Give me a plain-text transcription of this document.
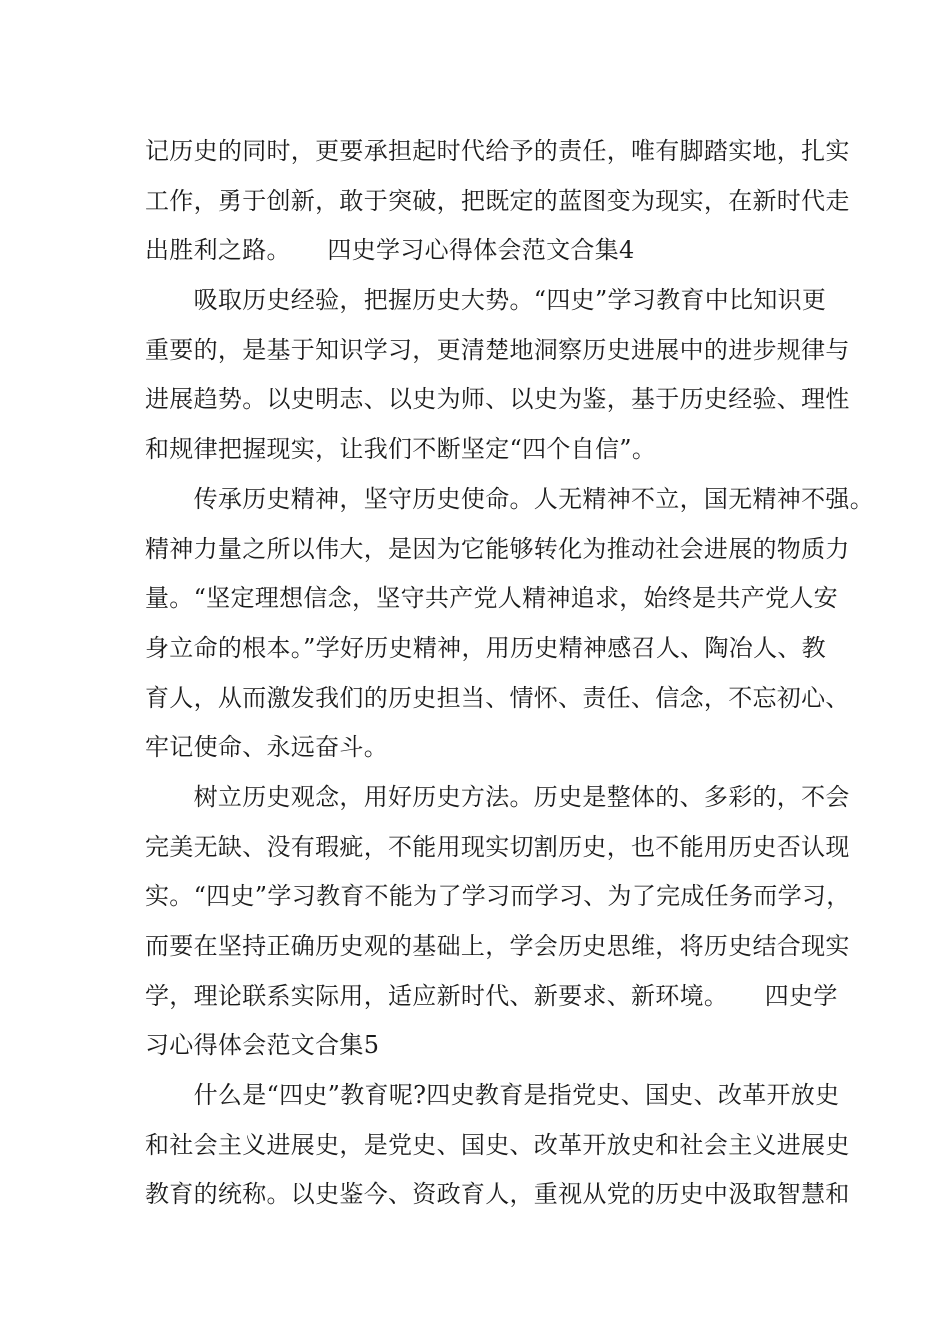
记历史的同时，更要承担起时代给予的责任，唯有脚踏实地，扎实
工作，勇于创新，敢于突破，把既定的蓝图变为现实，在新时代走
出胜利之路。　　四史学习心得体会范文合集4
　　吸取历史经验，把握历史大势。“四史”学习教育中比知识更
重要的，是基于知识学习，更清楚地洞察历史进展中的进步规律与
进展趋势。以史明志、以史为师、以史为鉴，基于历史经验、理性
和规律把握现实，让我们不断坚定“四个自信”。
　　传承历史精神，坚守历史使命。人无精神不立，国无精神不强。
精神力量之所以伟大，是因为它能够转化为推动社会进展的物质力
量。“坚定理想信念，坚守共产党人精神追求，始终是共产党人安
身立命的根本。”学好历史精神，用历史精神感召人、陶冶人、教
育人，从而激发我们的历史担当、情怀、责任、信念，不忘初心、
牢记使命、永远奋斗。
　　树立历史观念，用好历史方法。历史是整体的、多彩的，不会
完美无缺、没有瑕疵，不能用现实切割历史，也不能用历史否认现
实。“四史”学习教育不能为了学习而学习、为了完成任务而学习，
而要在坚持正确历史观的基础上，学会历史思维，将历史结合现实
学，理论联系实际用，适应新时代、新要求、新环境。　　四史学
习心得体会范文合集5
　　什么是“四史”教育呢?四史教育是指党史、国史、改革开放史
和社会主义进展史，是党史、国史、改革开放史和社会主义进展史
教育的统称。以史鉴今、资政育人，重视从党的历史中汲取智慧和
